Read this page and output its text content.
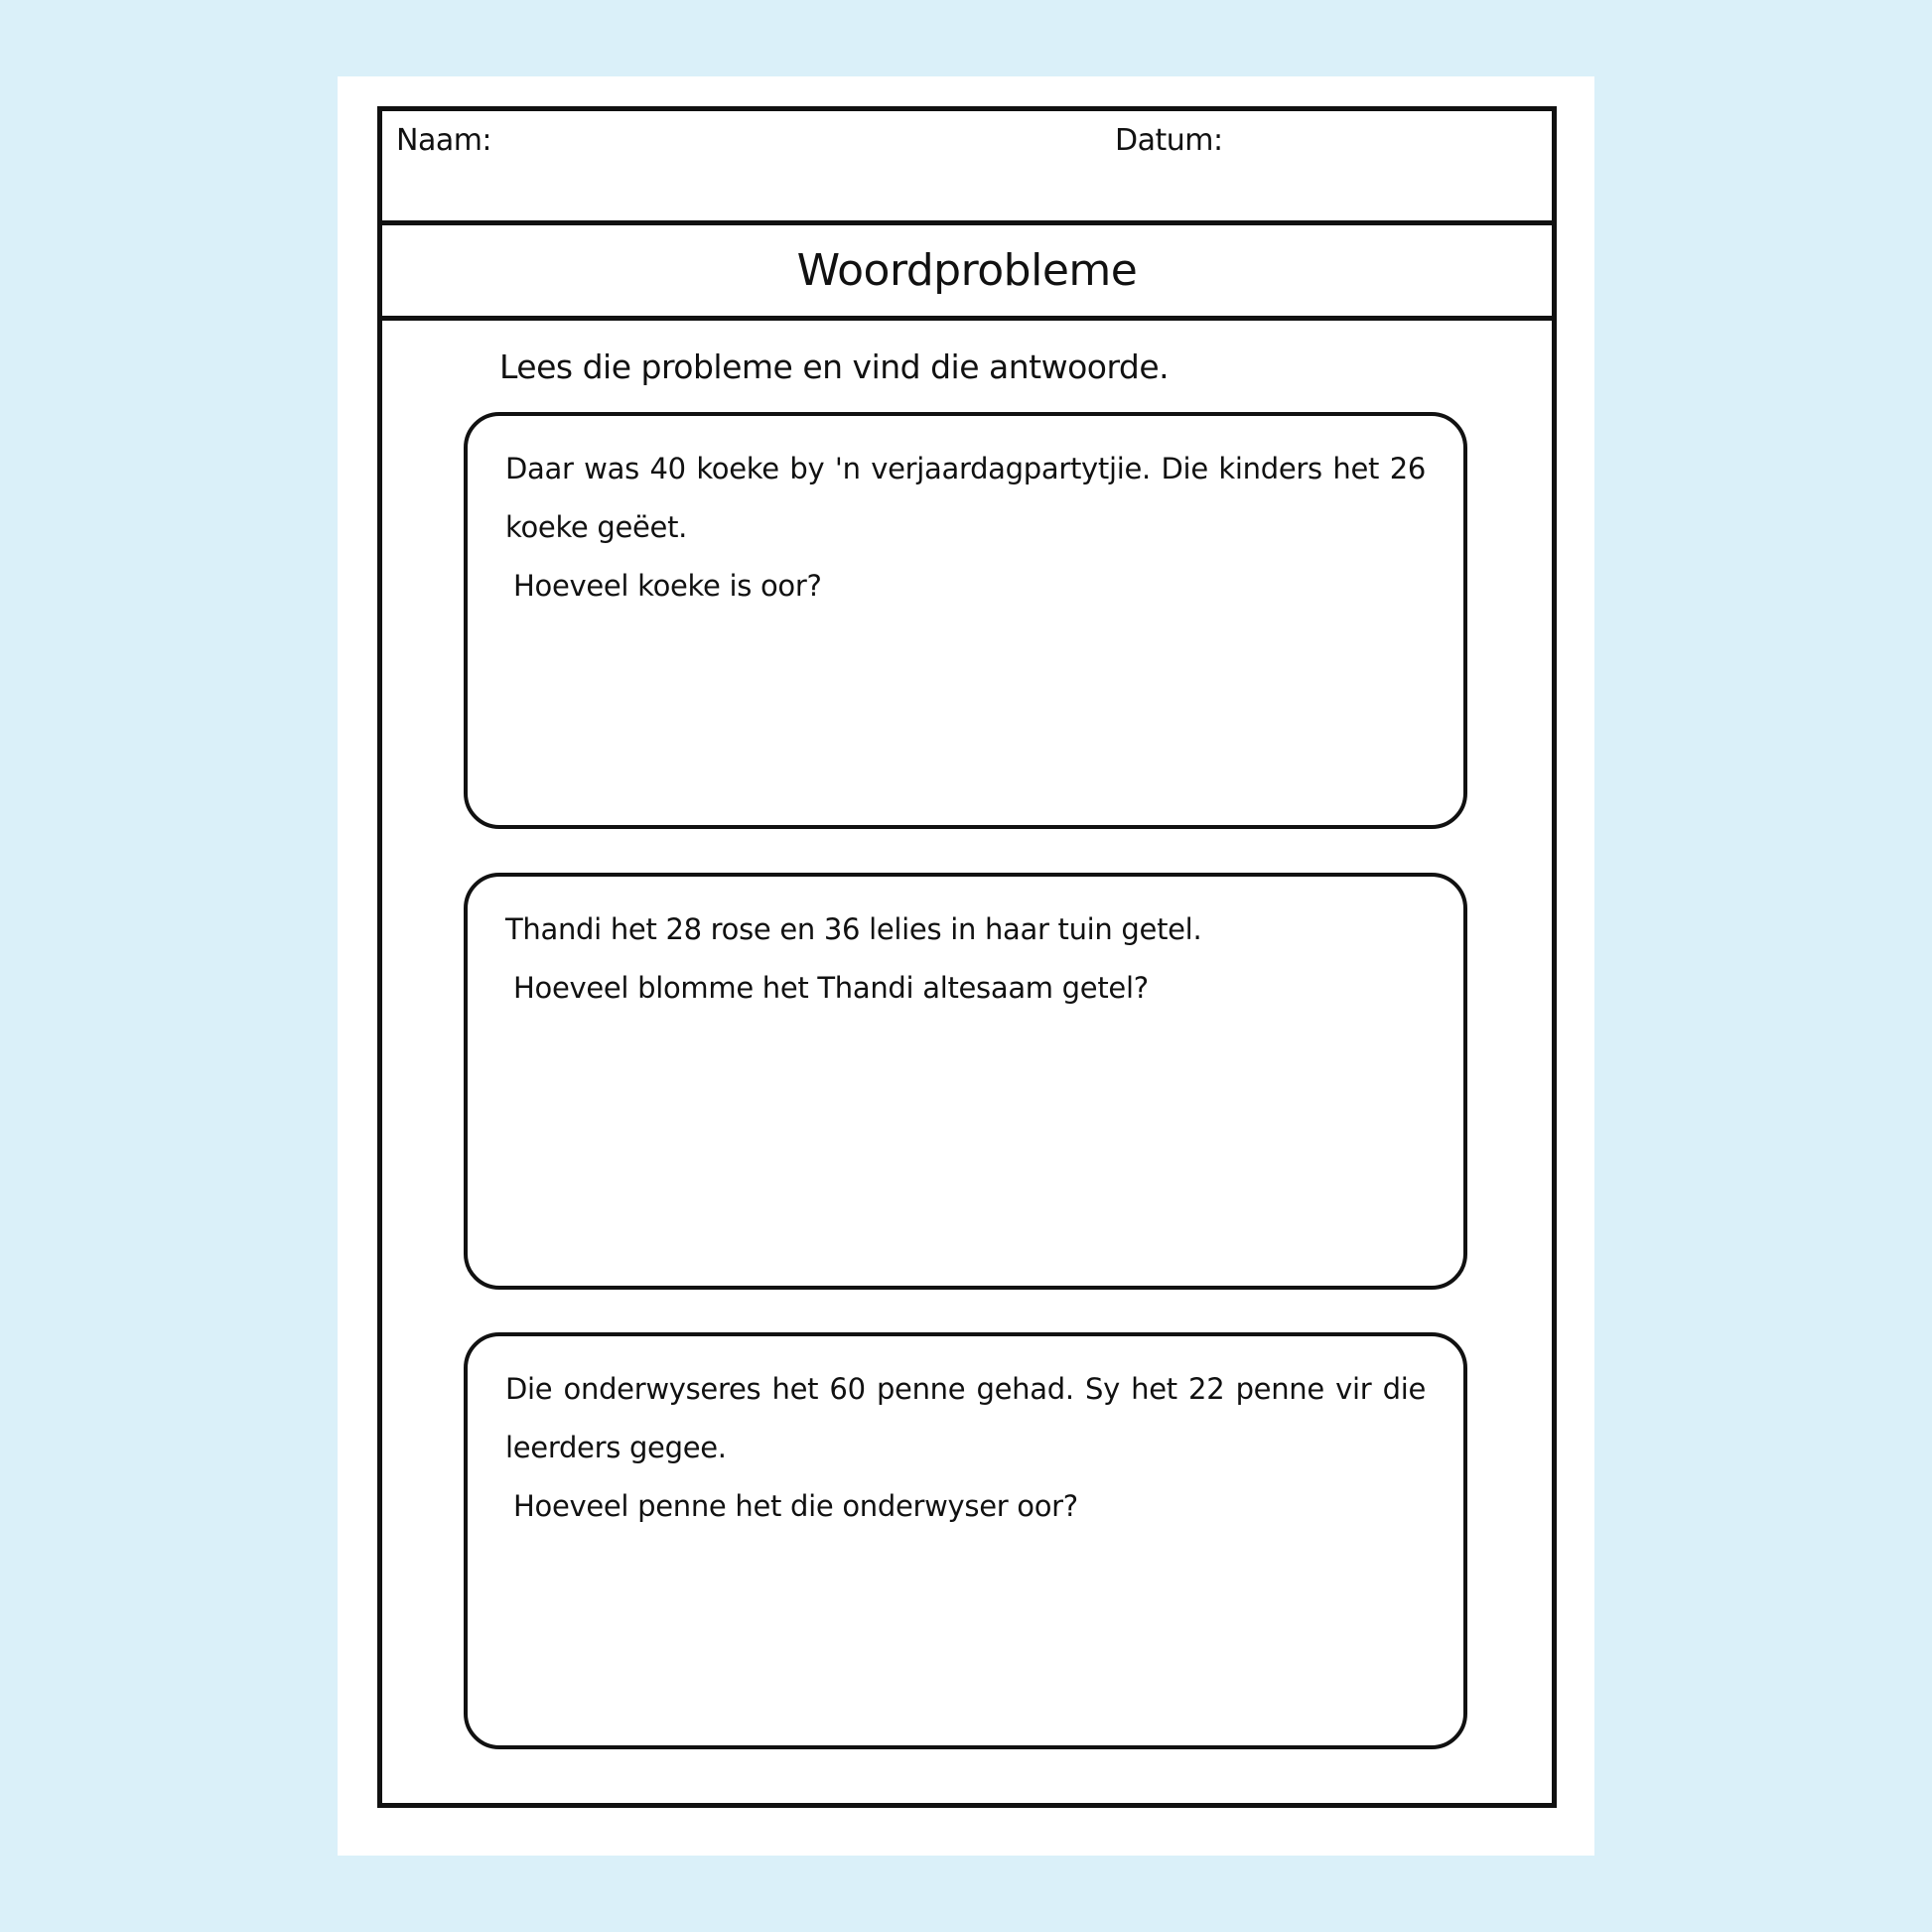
Naam:	Datum:
Woordprobleme
Lees die probleme en vind die antwoorde.
Daar was 40 koeke by 'n verjaardagpartytjie. Die kinders het 26 koeke geëet.
Hoeveel koeke is oor?
Thandi het 28 rose en 36 lelies in haar tuin getel.
Hoeveel blomme het Thandi altesaam getel?
Die onderwyseres het 60 penne gehad. Sy het 22 penne vir die leerders gegee.
Hoeveel penne het die onderwyser oor?
